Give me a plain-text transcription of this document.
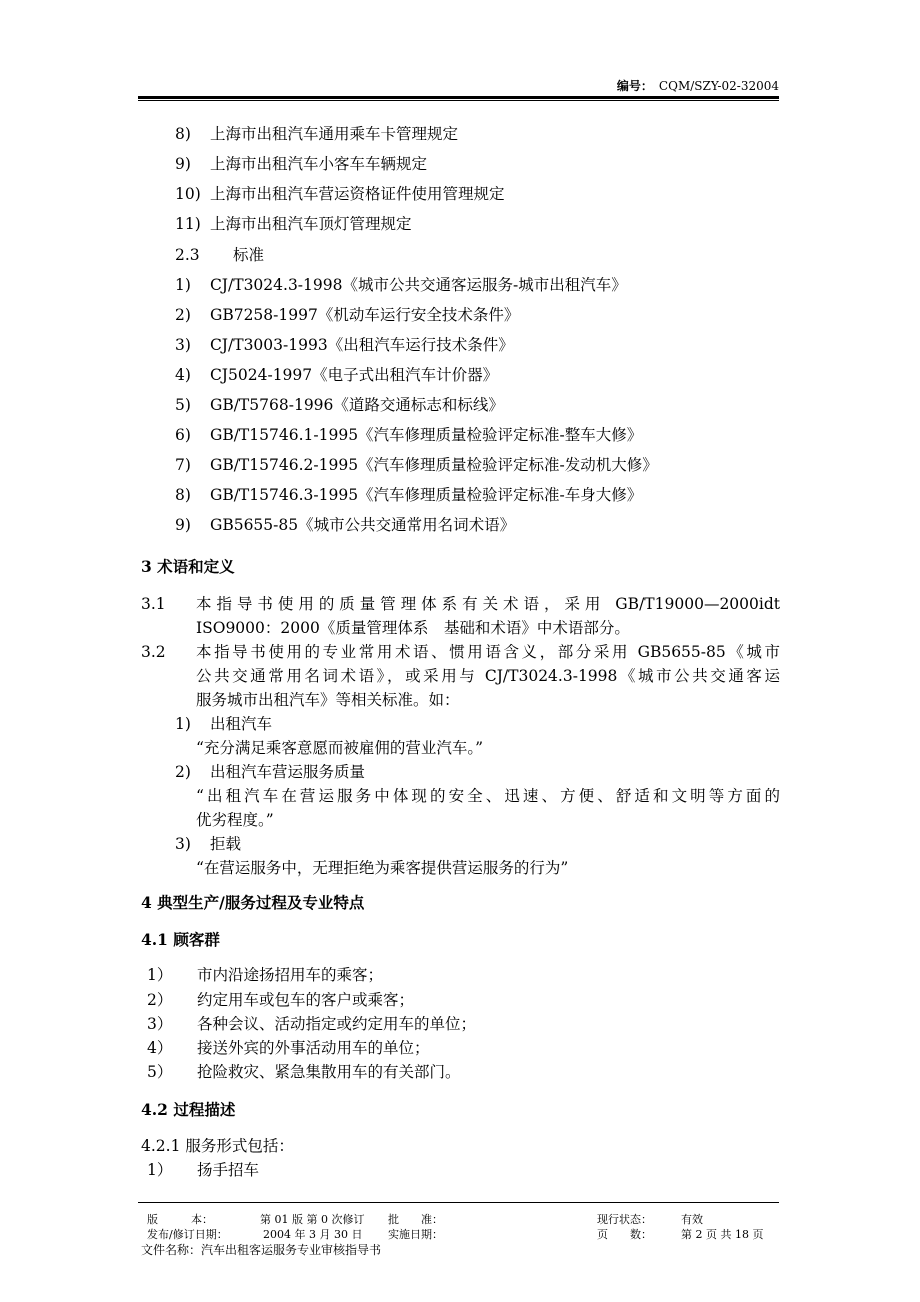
编号： CQM/SZY-02-32004
8) 上海市出租汽车通用乘车卡管理规定
9) 上海市出租汽车小客车车辆规定
10) 上海市出租汽车营运资格证件使用管理规定
11) 上海市出租汽车顶灯管理规定
2.3 标准
1) CJ/T3024.3-1998《城市公共交通客运服务-城市出租汽车》
2) GB7258-1997《机动车运行安全技术条件》
3) CJ/T3003-1993《出租汽车运行技术条件》
4) CJ5024-1997《电子式出租汽车计价器》
5) GB/T5768-1996《道路交通标志和标线》
6) GB/T15746.1-1995《汽车修理质量检验评定标准-整车大修》
7) GB/T15746.2-1995《汽车修理质量检验评定标准-发动机大修》
8) GB/T15746.3-1995《汽车修理质量检验评定标准-车身大修》
9) GB5655-85《城市公共交通常用名词术语》
3 术语和定义
3.1 本指导书使用的质量管理体系有关术语，采用 GB/T19000—2000idt
ISO9000：2000《质量管理体系　基础和术语》中术语部分。
3.2 本指导书使用的专业常用术语、惯用语含义，部分采用 GB5655-85《城市
公共交通常用名词术语》，或采用与 CJ/T3024.3-1998《城市公共交通客运
服务城市出租汽车》等相关标准。如：
1) 出租汽车
“充分满足乘客意愿而被雇佣的营业汽车。”
2) 出租汽车营运服务质量
“出租汽车在营运服务中体现的安全、迅速、方便、舒适和文明等方面的
优劣程度。”
3) 拒载
“在营运服务中，无理拒绝为乘客提供营运服务的行为”
4 典型生产/服务过程及专业特点
4.1 顾客群
1） 市内沿途扬招用车的乘客；
2） 约定用车或包车的客户或乘客；
3） 各种会议、活动指定或约定用车的单位；
4） 接送外宾的外事活动用车的单位；
5） 抢险救灾、紧急集散用车的有关部门。
4.2 过程描述
4.2.1 服务形式包括：
1） 扬手招车
版　　　本：	第 01 版 第 0 次修订 批　　准：	现行状态：	有效
发布/修订日期：	2004 年 3 月 30 日 实施日期：	页　　数：	第 2 页 共 18 页
文件名称：汽车出租客运服务专业审核指导书
